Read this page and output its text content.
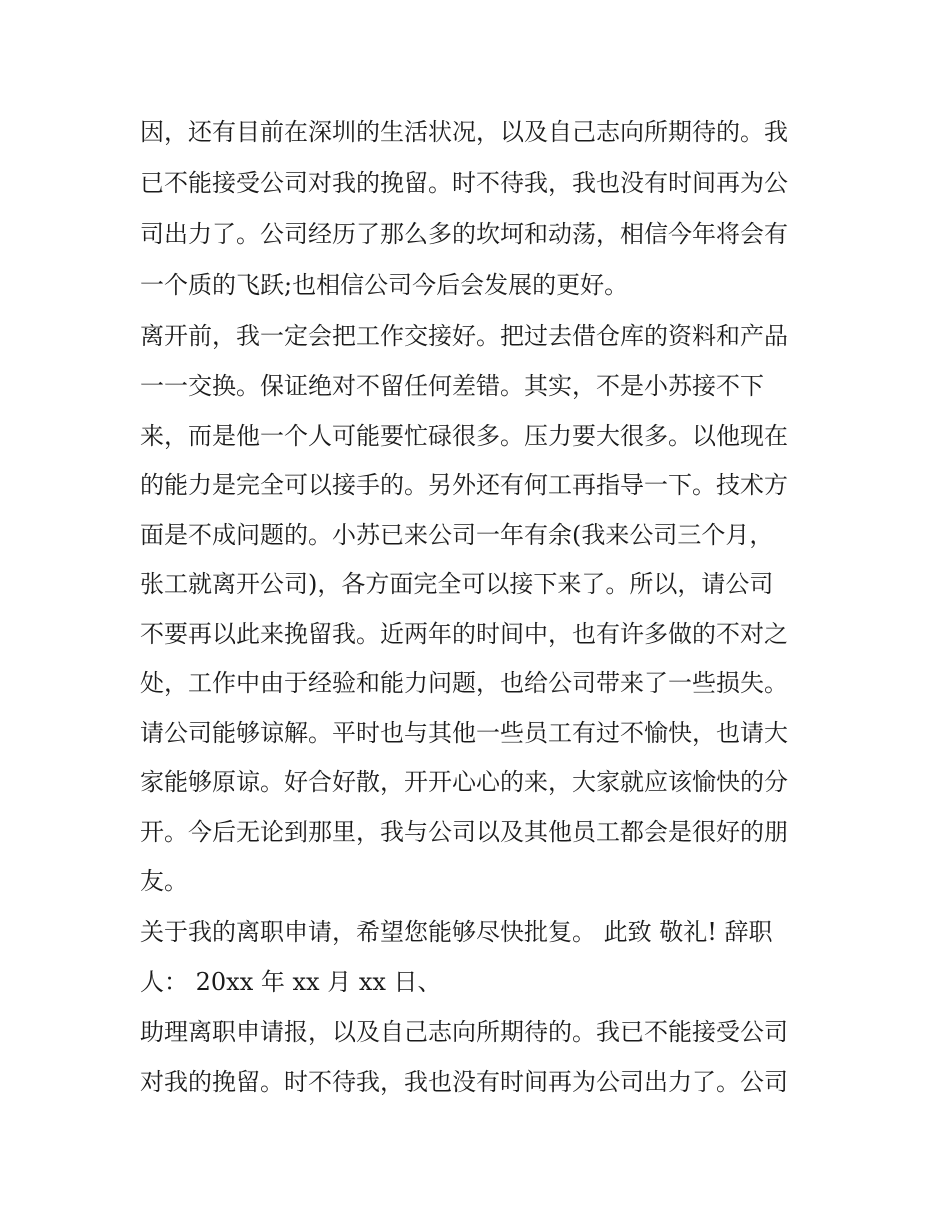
因，还有目前在深圳的生活状况，以及自己志向所期待的。我
已不能接受公司对我的挽留。时不待我，我也没有时间再为公
司出力了。公司经历了那么多的坎坷和动荡，相信今年将会有
一个质的飞跃;也相信公司今后会发展的更好。
离开前，我一定会把工作交接好。把过去借仓库的资料和产品
一一交换。保证绝对不留任何差错。其实，不是小苏接不下
来，而是他一个人可能要忙碌很多。压力要大很多。以他现在
的能力是完全可以接手的。另外还有何工再指导一下。技术方
面是不成问题的。小苏已来公司一年有余(我来公司三个月，
张工就离开公司)，各方面完全可以接下来了。所以，请公司
不要再以此来挽留我。近两年的时间中，也有许多做的不对之
处，工作中由于经验和能力问题，也给公司带来了一些损失。
请公司能够谅解。平时也与其他一些员工有过不愉快，也请大
家能够原谅。好合好散，开开心心的来，大家就应该愉快的分
开。今后无论到那里，我与公司以及其他员工都会是很好的朋
友。
关于我的离职申请，希望您能够尽快批复。 此致 敬礼! 辞职
人： 20xx 年 xx 月 xx 日、
助理离职申请报，以及自己志向所期待的。我已不能接受公司
对我的挽留。时不待我，我也没有时间再为公司出力了。公司
